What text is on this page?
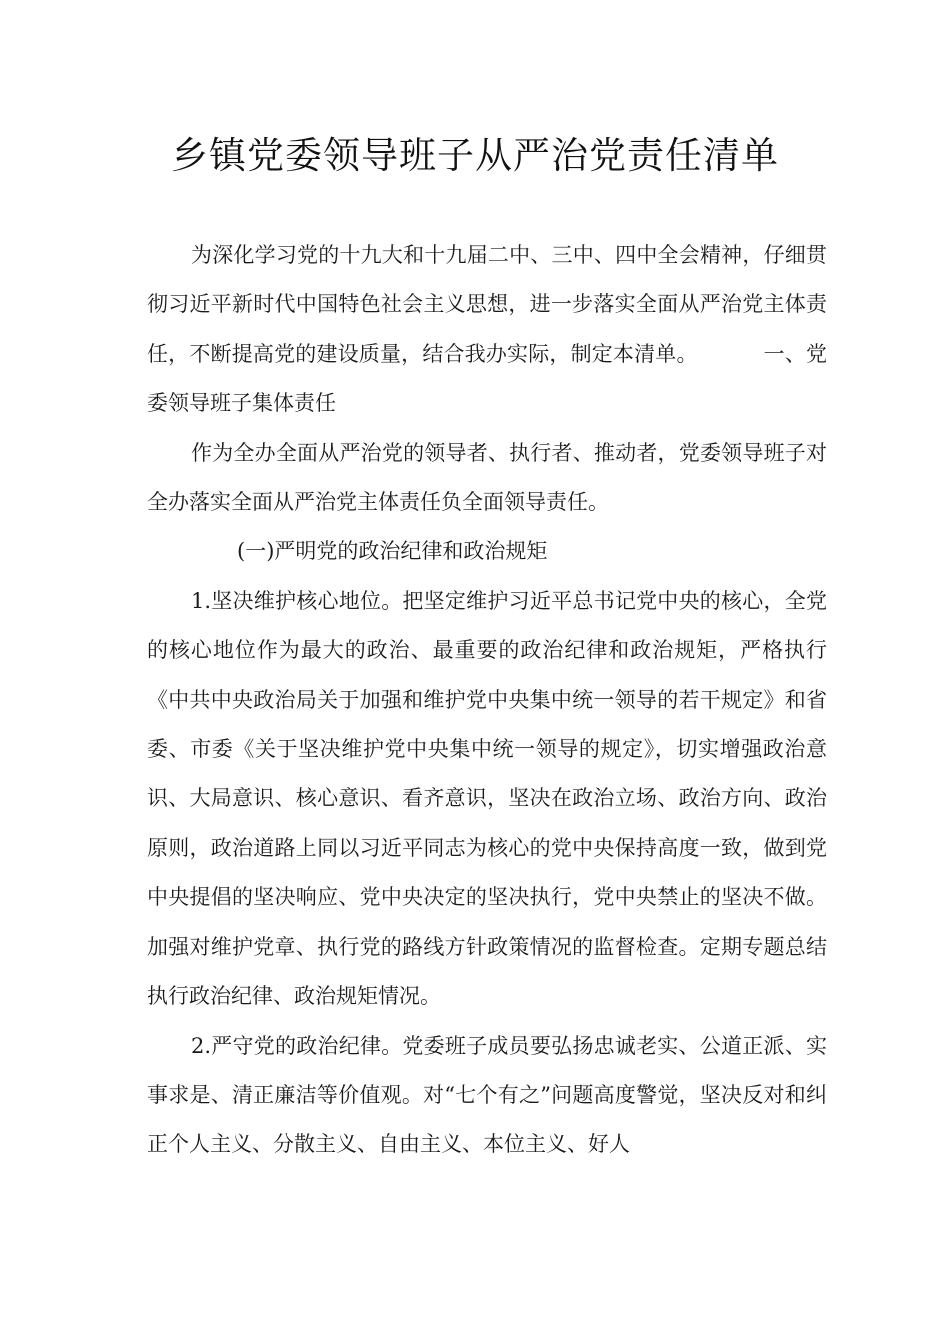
乡镇党委领导班子从严治党责任清单

为深化学习党的十九大和十九届二中、三中、四中全会精神，仔细贯彻习近平新时代中国特色社会主义思想，进一步落实全面从严治党主体责任，不断提高党的建设质量，结合我办实际，制定本清单。	一、党委领导班子集体责任

作为全办全面从严治党的领导者、执行者、推动者，党委领导班子对全办落实全面从严治党主体责任负全面领导责任。

(一)严明党的政治纪律和政治规矩

1.坚决维护核心地位。把坚定维护习近平总书记党中央的核心，全党的核心地位作为最大的政治、最重要的政治纪律和政治规矩，严格执行《中共中央政治局关于加强和维护党中央集中统一领导的若干规定》和省委、市委《关于坚决维护党中央集中统一领导的规定》，切实增强政治意识、大局意识、核心意识、看齐意识，坚决在政治立场、政治方向、政治原则，政治道路上同以习近平同志为核心的党中央保持高度一致，做到党中央提倡的坚决响应、党中央决定的坚决执行，党中央禁止的坚决不做。加强对维护党章、执行党的路线方针政策情况的监督检查。定期专题总结执行政治纪律、政治规矩情况。

2.严守党的政治纪律。党委班子成员要弘扬忠诚老实、公道正派、实事求是、清正廉洁等价值观。对“七个有之”问题高度警觉，坚决反对和纠正个人主义、分散主义、自由主义、本位主义、好人
